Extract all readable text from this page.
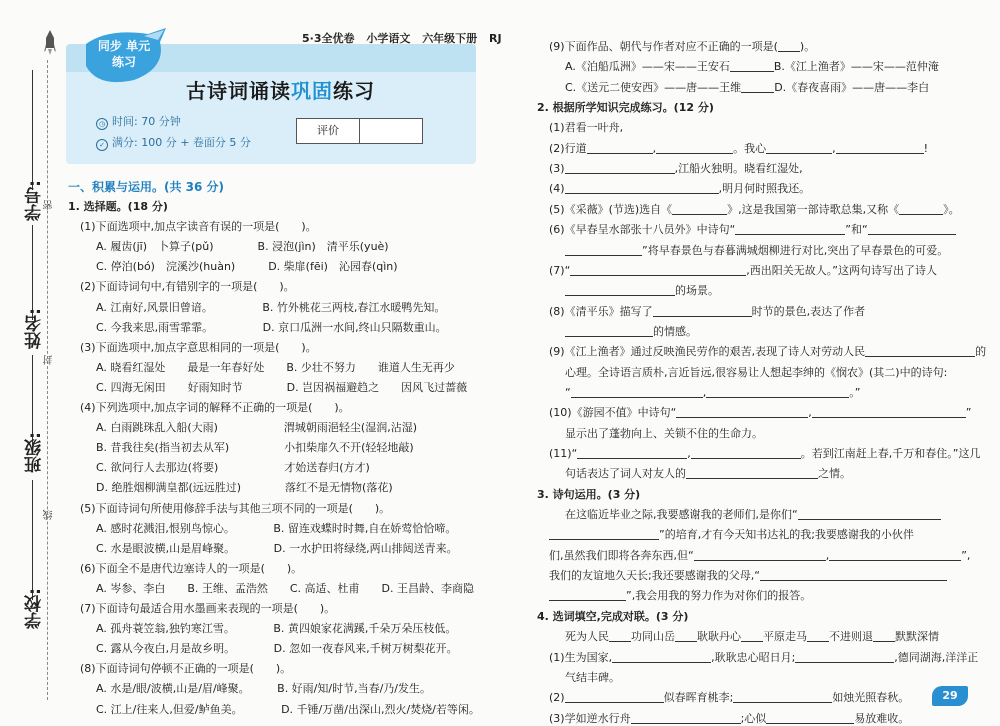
学号:
姓名:
班级:
学校:
密
封
线
同步 单元练习
5·3全优卷 小学语文 六年级下册 RJ
古诗词诵读巩固练习
◷ 时间: 70 分钟
✓ 满分: 100 分 + 卷面分 5 分
评价
一、积累与运用。(共 36 分)
1. 选择题。(18 分)
(1)下面选项中,加点字读音有误的一项是(　　)。
A. 履齿(jī)　卜算子(pǔ)　　　　B. 浸泡(jìn)　清平乐(yuè)
C. 停泊(bó)　浣溪沙(huàn)　　　D. 柴扉(fēi)　沁园春(qìn)
(2)下面诗词句中,有错别字的一项是(　　)。
A. 江南好,风景旧曾谙。　　　　　B. 竹外桃花三两枝,春江水暖鸭先知。
C. 今我来思,雨雪霏霏。　　　　　D. 京口瓜洲一水间,终山只隔数重山。
(3)下面选项中,加点字意思相同的一项是(　　)。
A. 晓看红湿处　　最是一年春好处　　B. 少壮不努力　　谁道人生无再少
C. 四海无闲田　　好雨知时节　　　　D. 岂因祸福避趋之　　因风飞过蔷薇
(4)下列选项中,加点字词的解释不正确的一项是(　　)。
A. 白雨跳珠乱入船(大雨)　　　　　　渭城朝雨浥轻尘(湿润,沾湿)
B. 昔我往矣(指当初去从军)　　　　　小扣柴扉久不开(轻轻地敲)
C. 欲问行人去那边(将要)　　　　　　才始送春归(方才)
D. 绝胜烟柳满皇都(远远胜过)　　　　落红不是无情物(落花)
(5)下面诗词句所使用修辞手法与其他三项不同的一项是(　　)。
A. 感时花溅泪,恨别鸟惊心。　　　　B. 留连戏蝶时时舞,自在娇莺恰恰啼。
C. 水是眼波横,山是眉峰聚。　　　　D. 一水护田将绿绕,两山排闼送青来。
(6)下面全不是唐代边塞诗人的一项是(　　)。
A. 岑参、李白　　B. 王维、孟浩然　　C. 高适、杜甫　　D. 王昌龄、李商隐
(7)下面诗句最适合用水墨画来表现的一项是(　　)。
A. 孤舟蓑笠翁,独钓寒江雪。　　　　B. 黄四娘家花满蹊,千朵万朵压枝低。
C. 露从今夜白,月是故乡明。　　　　D. 忽如一夜春风来,千树万树梨花开。
(8)下面诗词句停顿不正确的一项是(　　)。
A. 水是/眼/波横,山是/眉/峰聚。　　　B. 好雨/知/时节,当春/乃/发生。
C. 江上/往来人,但爱/鲈鱼美。　　　　D. 千锤/万凿/出深山,烈火/焚烧/若等闲。
(9)下面作品、朝代与作者对应不正确的一项是( )。
A.《泊船瓜洲》——宋——王安石	B.《江上渔者》——宋——范仲淹
C.《送元二使安西》——唐——王维	D.《春夜喜雨》——唐——李白
2. 根据所学知识完成练习。(12 分)
(1)君看一叶舟,
(2)行道	,	。我心	,	!
(3)	,江船火独明。晓看红湿处,
(4)	,明月何时照我还。
(5)《采薇》(节选)选自《	》,这是我国第一部诗歌总集,又称《	》。
(6)《早春呈水部张十八员外》中诗句“	”和“
”将早春景色与春暮满城烟柳进行对比,突出了早春景色的可爱。
(7)“	,西出阳关无故人。”这两句诗写出了诗人
的场景。
(8)《清平乐》描写了	时节的景色,表达了作者
的情感。
(9)《江上渔者》通过反映渔民劳作的艰苦,表现了诗人对劳动人民	的
心理。全诗语言质朴,言近旨远,很容易让人想起李绅的《悯农》(其二)中的诗句:
“	,	。”
(10)《游园不值》中诗句“	,	”
显示出了蓬勃向上、关锁不住的生命力。
(11)“	,	。若到江南赶上春,千万和春住。”这几
句话表达了词人对友人的	之情。
3. 诗句运用。(3 分)
在这临近毕业之际,我要感谢我的老师们,是你们“
”的培育,才有今天知书达礼的我;我要感谢我的小伙伴
们,虽然我们即将各奔东西,但“	,	”,
我们的友谊地久天长;我还要感谢我的父母,“
”,我会用我的努力作为对你们的报答。
4. 选词填空,完成对联。(3 分)
死为人民 功同山岳 耿耿丹心 平原走马 不进则退 默默深情
(1)生为国家,	,耿耿忠心昭日月;	,德同湖海,洋洋正
气结丰碑。
(2)	似春晖育桃李;	如烛光照春秋。
(3)学如逆水行舟	;心似	易放难收。
29
